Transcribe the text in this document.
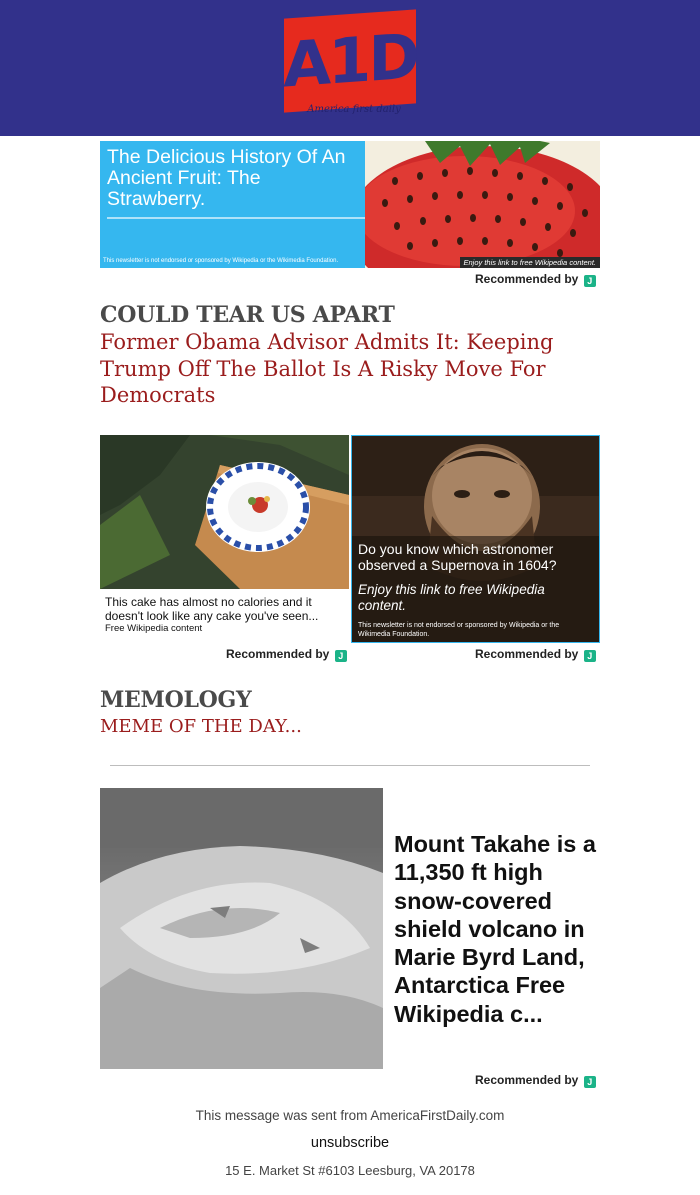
A1D
America first daily
The Delicious History Of An Ancient Fruit: The Strawberry.
This newsletter is not endorsed or sponsored by Wikipedia or the Wikimedia Foundation.	Enjoy this link to free Wikipedia content.
Recommended by J
COULD TEAR US APART
Former Obama Advisor Admits It: Keeping Trump Off The Ballot Is A Risky Move For Democrats
This cake has almost no calories and it doesn't look like any cake you've seen...
Free Wikipedia content
Recommended by J
Do you know which astronomer observed a Supernova in 1604?
Enjoy this link to free Wikipedia content.
This newsletter is not endorsed or sponsored by Wikipedia or the Wikimedia Foundation.
Recommended by J
MEMOLOGY
MEME OF THE DAY...
Mount Takahe is a 11,350 ft high snow-covered shield volcano in Marie Byrd Land, Antarctica Free Wikipedia c...
Recommended by J
This message was sent from AmericaFirstDaily.com
unsubscribe
15 E. Market St #6103 Leesburg, VA 20178
